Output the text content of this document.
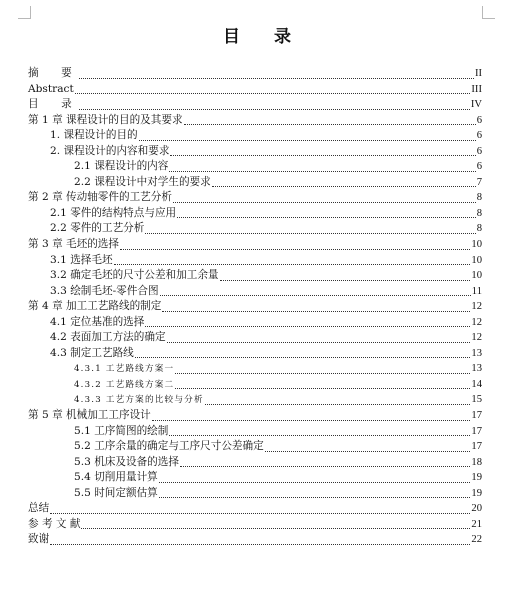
目 录
摘　要	II
Abstract	III
目　录	IV
第 1 章 课程设计的目的及其要求	6
1. 课程设计的目的	6
2. 课程设计的内容和要求	6
2.1 课程设计的内容	6
2.2 课程设计中对学生的要求	7
第 2 章 传动轴零件的工艺分析	8
2.1 零件的结构特点与应用	8
2.2 零件的工艺分析	8
第 3 章 毛坯的选择	10
3.1 选择毛坯	10
3.2 确定毛坯的尺寸公差和加工余量	10
3.3 绘制毛坯-零件合图	11
第 4 章 加工工艺路线的制定	12
4.1 定位基准的选择	12
4.2 表面加工方法的确定	12
4.3 制定工艺路线	13
4.3.1 工艺路线方案一	13
4.3.2 工艺路线方案二	14
4.3.3 工艺方案的比较与分析	15
第 5 章 机械加工工序设计	17
5.1 工序简图的绘制	17
5.2 工序余量的确定与工序尺寸公差确定	17
5.3 机床及设备的选择	18
5.4 切削用量计算	19
5.5 时间定额估算	19
总结	20
参 考 文 献	21
致谢	22
